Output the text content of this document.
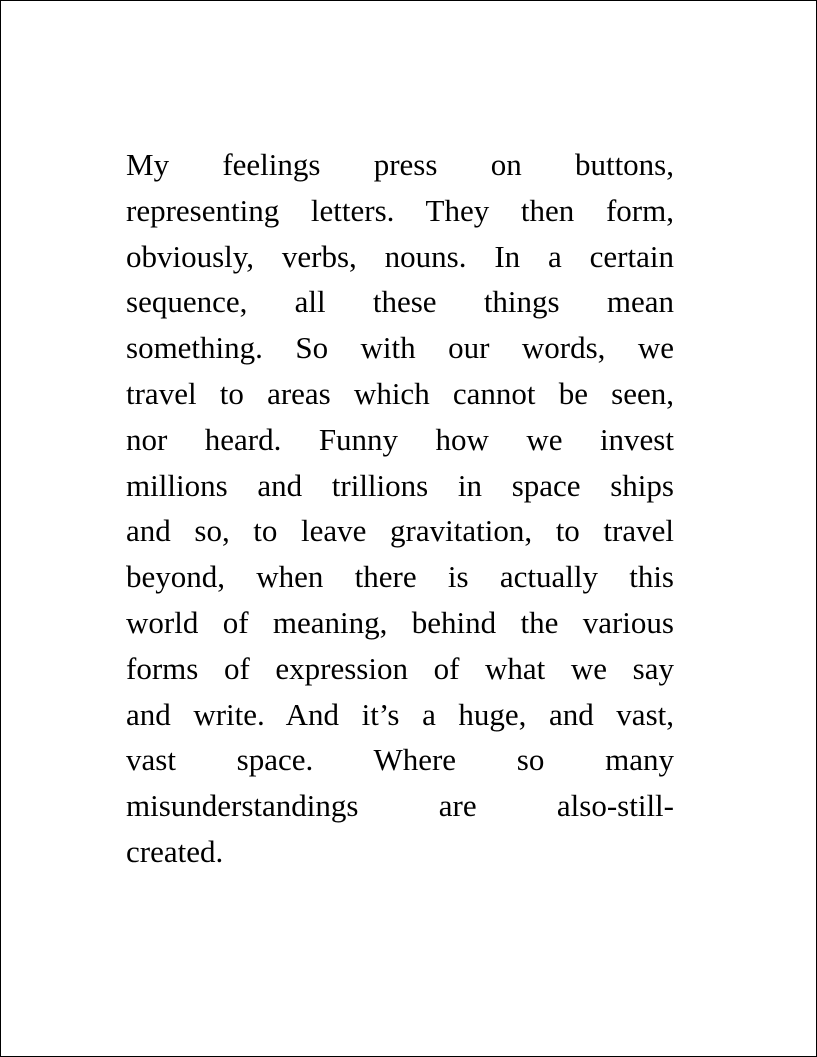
My feelings press on buttons,
representing letters. They then form,
obviously, verbs, nouns. In a certain
sequence, all these things mean
something. So with our words, we
travel to areas which cannot be seen,
nor heard. Funny how we invest
millions and trillions in space ships
and so, to leave gravitation, to travel
beyond, when there is actually this
world of meaning, behind the various
forms of expression of what we say
and write. And it’s a huge, and vast,
vast space. Where so many
misunderstandings are also-still-
created.
